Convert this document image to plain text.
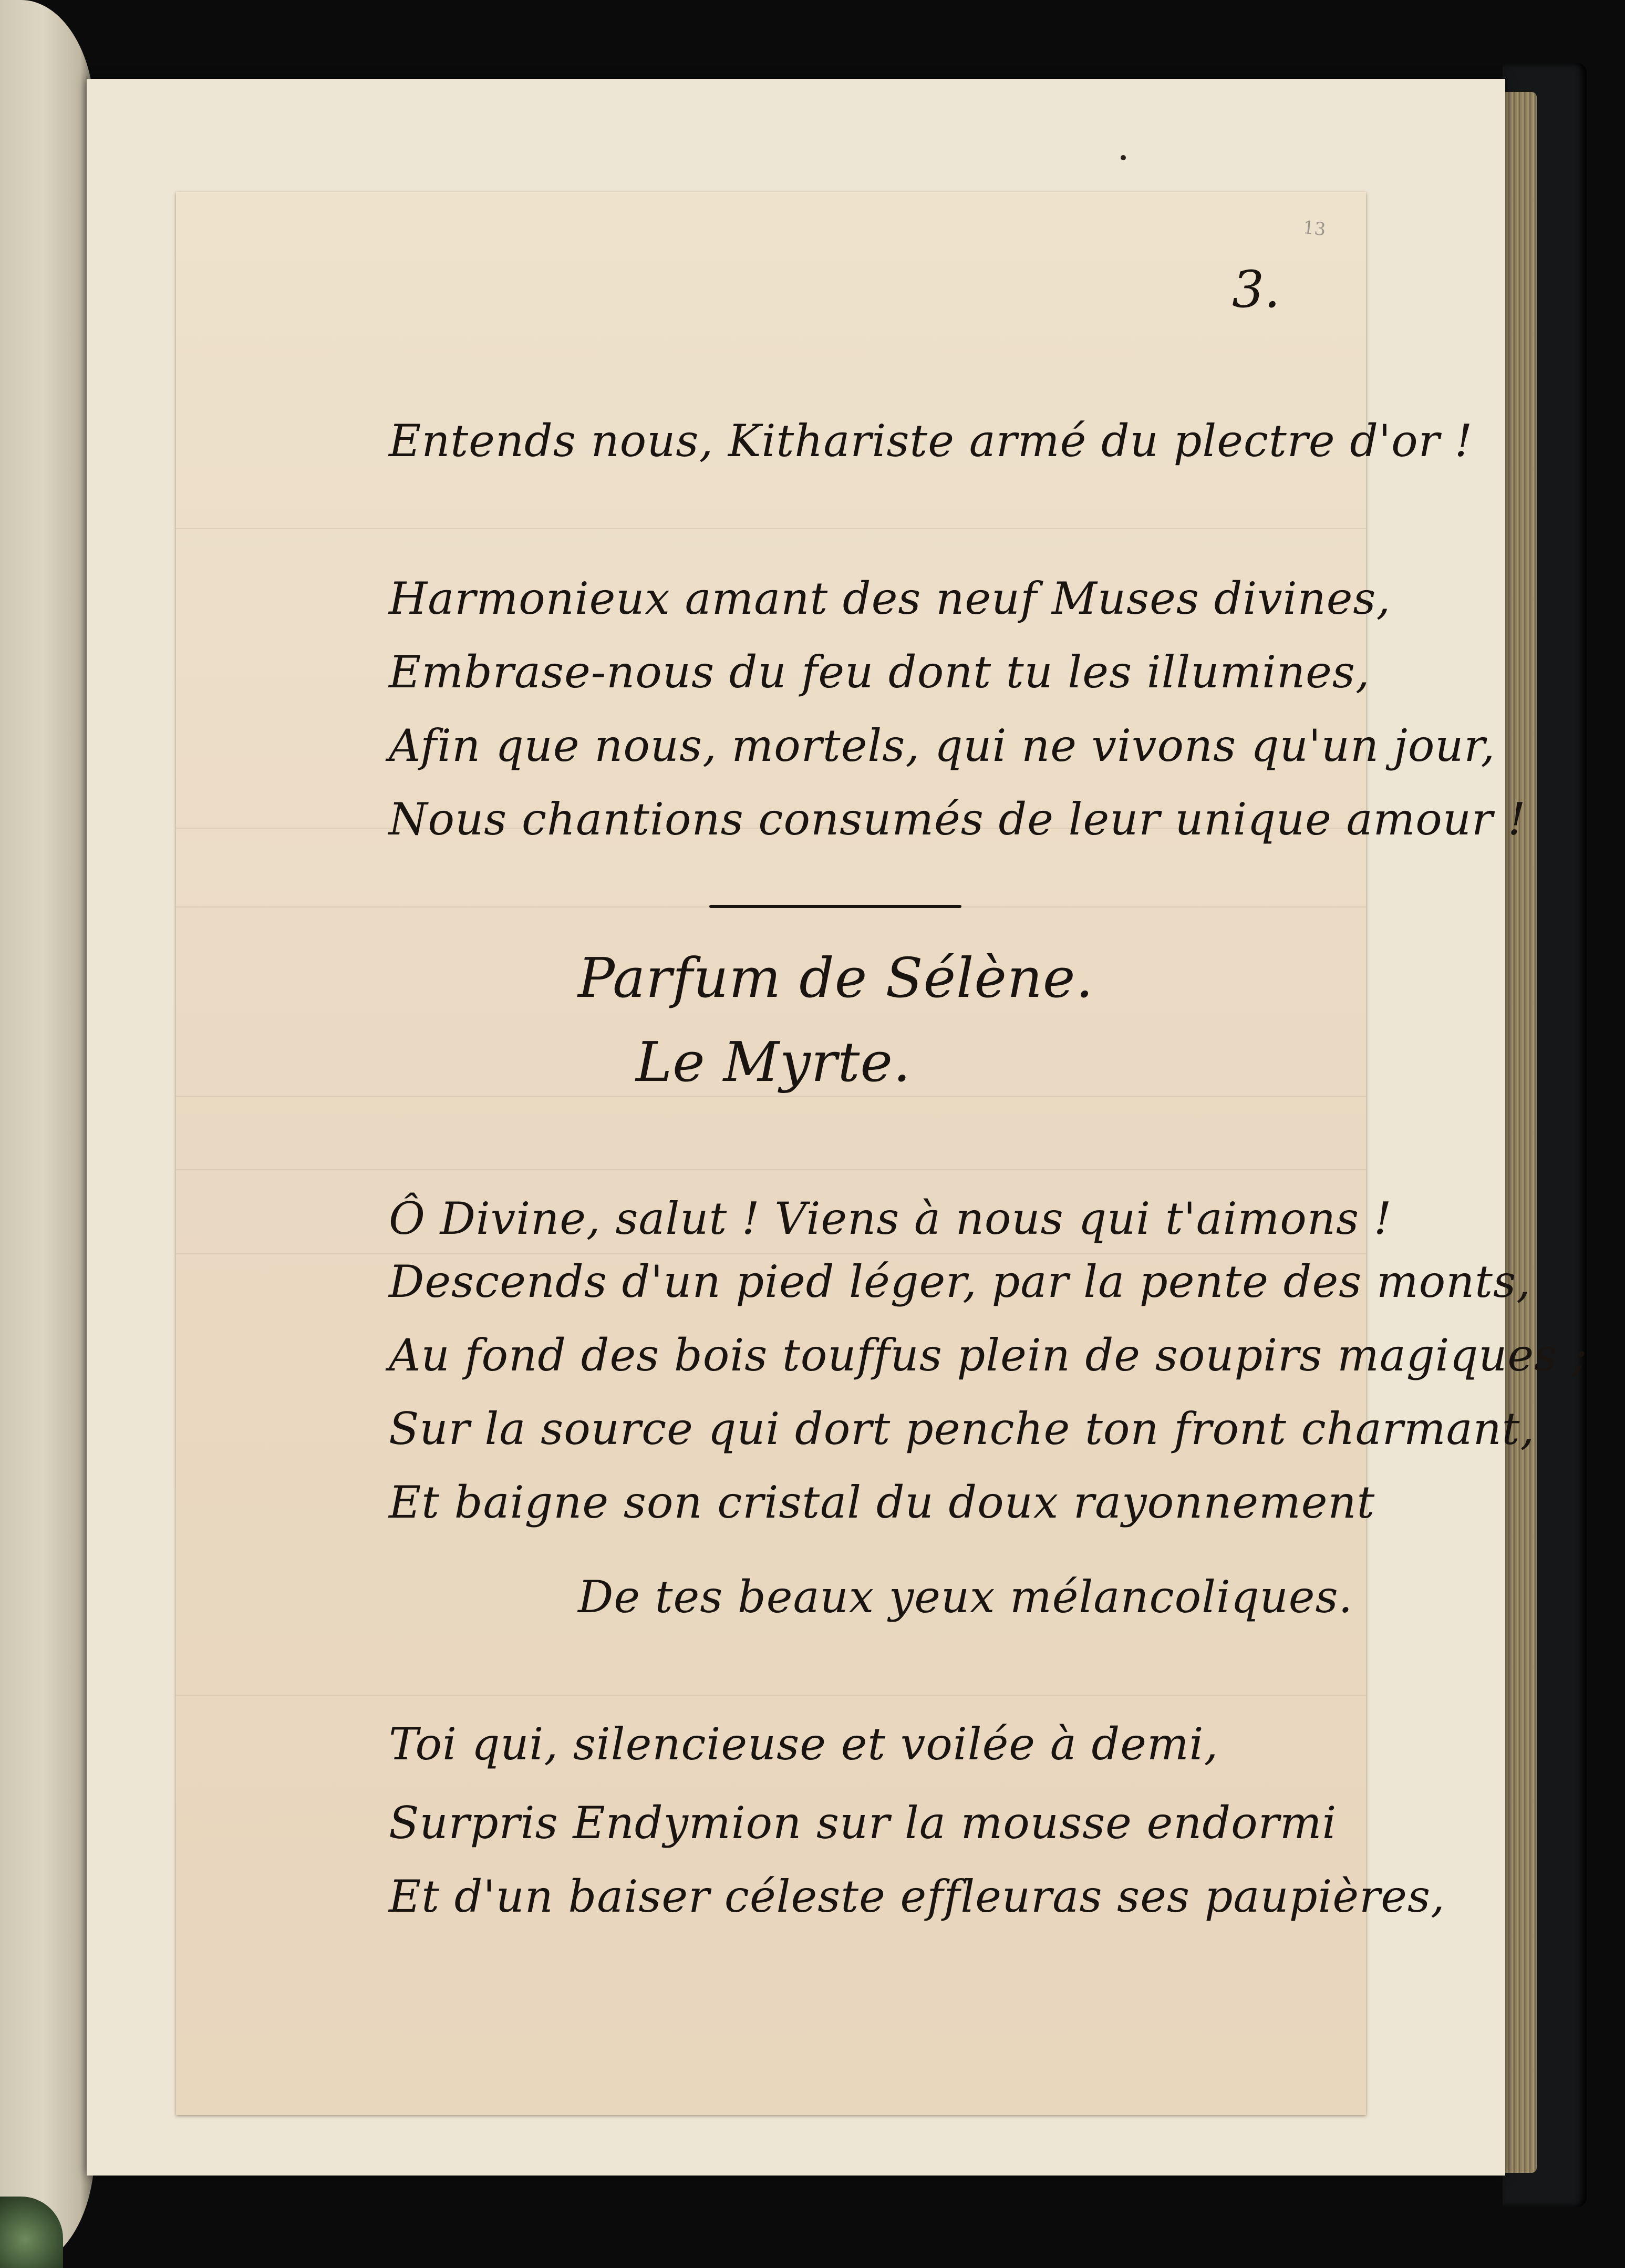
13
3.
Entends nous, Kithariste armé du plectre d'or !
Harmonieux amant des neuf Muses divines,
Embrase-nous du feu dont tu les illumines,
Afin que nous, mortels, qui ne vivons qu'un jour,
Nous chantions consumés de leur unique amour !
Parfum de Sélène.
Le Myrte.
Ô Divine, salut ! Viens à nous qui t'aimons !
Descends d'un pied léger, par la pente des monts,
Au fond des bois touffus plein de soupirs magiques ;
Sur la source qui dort penche ton front charmant,
Et baigne son cristal du doux rayonnement
De tes beaux yeux mélancoliques.
Toi qui, silencieuse et voilée à demi,
Surpris Endymion sur la mousse endormi
Et d'un baiser céleste effleuras ses paupières,
